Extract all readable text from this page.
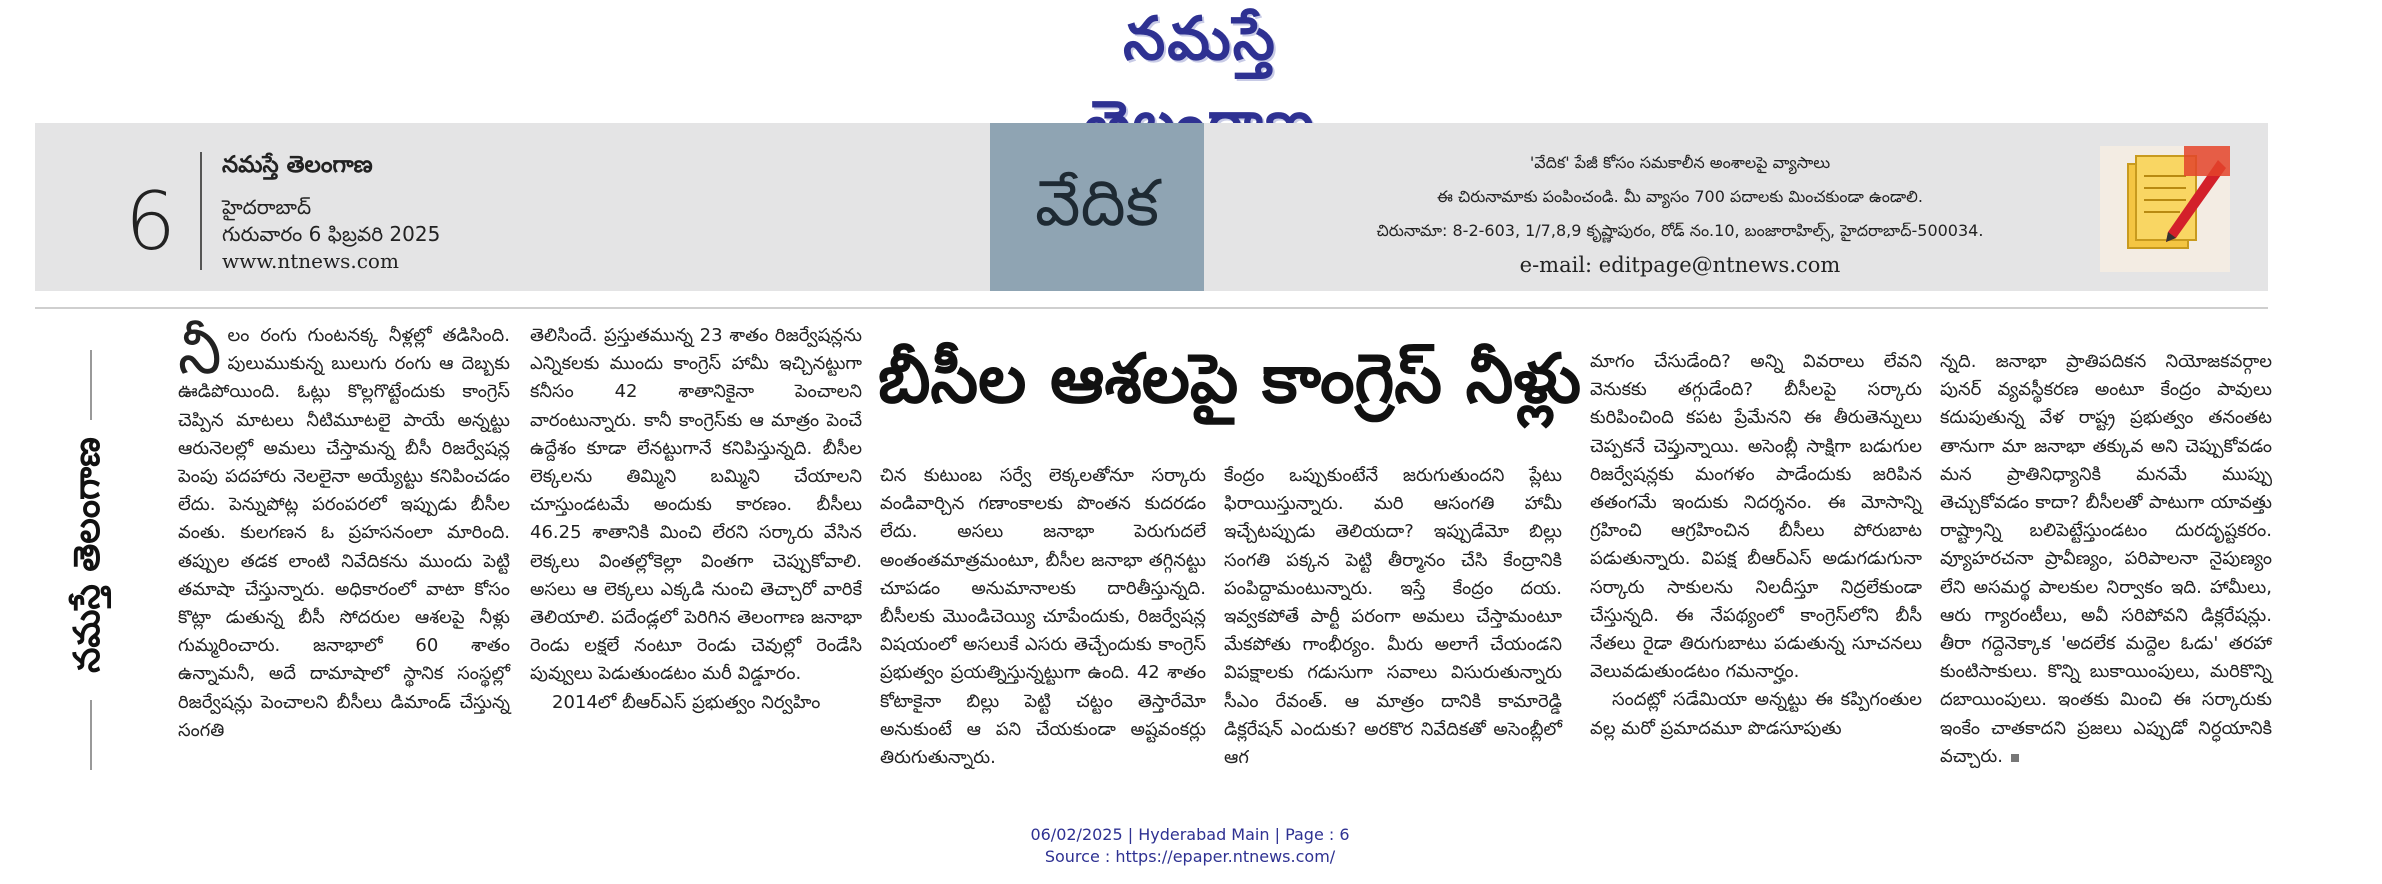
నమస్తే
6
నమస్తే తెలంగాణ
హైదరాబాద్
గురువారం 6 ఫిబ్రవరి 2025
www.ntnews.com
వేదిక
'వేదిక' పేజీ కోసం సమకాలీన అంశాలపై వ్యాసాలు
ఈ చిరునామాకు పంపించండి. మీ వ్యాసం 700 పదాలకు మించకుండా ఉండాలి.
చిరునామా: 8-2-603, 1/7,8,9 కృష్ణాపురం, రోడ్ నం.10, బంజారాహిల్స్, హైదరాబాద్-500034.
e-mail: editpage@ntnews.com
నమస్తే తెలంగాణ

నీలం రంగు గుంటనక్క నీళ్లల్లో తడిసింది. పులుముకున్న బులుగు రంగు ఆ దెబ్బకు ఊడిపోయింది. ఓట్లు కొల్లగొట్టేందుకు కాంగ్రెస్ చెప్పిన మాటలు నీటిమూటలై పాయే అన్నట్టు ఆరునెలల్లో అమలు చేస్తామన్న బీసీ రిజర్వేషన్ల పెంపు పదహారు నెలలైనా అయ్యేట్టు కనిపించడం లేదు. పెన్నుపోట్ల పరంపరలో ఇప్పుడు బీసీల వంతు. కులగణన ఓ ప్రహసనంలా మారింది. తప్పుల తడక లాంటి నివేదికను ముందు పెట్టి తమాషా చేస్తున్నారు. అధికారంలో వాటా కోసం కొట్లా డుతున్న బీసీ సోదరుల ఆశలపై నీళ్లు గుమ్మరించారు. జనాభాలో 60 శాతం ఉన్నామనీ, అదే దామాషాలో స్థానిక సంస్థల్లో రిజర్వేషన్లు పెంచాలని బీసీలు డిమాండ్ చేస్తున్న సంగతి

తెలిసిందే. ప్రస్తుతమున్న 23 శాతం రిజర్వేషన్లను ఎన్నికలకు ముందు కాంగ్రెస్ హామీ ఇచ్చినట్టుగా కనీసం 42 శాతానికైనా పెంచాలని వారంటున్నారు. కానీ కాంగ్రెస్‌కు ఆ మాత్రం పెంచే ఉద్దేశం కూడా లేనట్టుగానే కనిపిస్తున్నది. బీసీల లెక్కలను తిమ్మిని బమ్మిని చేయాలని చూస్తుండటమే అందుకు కారణం. బీసీలు 46.25 శాతానికి మించి లేరని సర్కారు వేసిన లెక్కలు వింతల్లోకెల్లా వింతగా చెప్పుకోవాలి. అసలు ఆ లెక్కలు ఎక్కడి నుంచి తెచ్చారో వారికే తెలియాలి. పదేండ్లలో పెరిగిన తెలంగాణ జనాభా రెండు లక్షలే నంటూ రెండు చెవుల్లో రెండేసి పువ్వులు పెడుతుండటం మరీ విడ్డూరం.

2014లో బీఆర్ఎస్ ప్రభుత్వం నిర్వహిం

బీసీల ఆశలపై కాంగ్రెస్ నీళ్లు

చిన కుటుంబ సర్వే లెక్కలతోనూ సర్కారు వండివార్చిన గణాంకాలకు పొంతన కుదరడం లేదు. అసలు జనాభా పెరుగుదలే అంతంతమాత్రమంటూ, బీసీల జనాభా తగ్గినట్టు చూపడం అనుమానాలకు దారితీస్తున్నది. బీసీలకు మొండిచెయ్యి చూపేందుకు, రిజర్వేషన్ల విషయంలో అసలుకే ఎసరు తెచ్చేందుకు కాంగ్రెస్ ప్రభుత్వం ప్రయత్నిస్తున్నట్టుగా ఉంది. 42 శాతం కోటాకైనా బిల్లు పెట్టి చట్టం తెస్తారేమో అనుకుంటే ఆ పని చేయకుండా అష్టవంకర్లు తిరుగుతున్నారు.

కేంద్రం ఒప్పుకుంటేనే జరుగుతుందని ప్లేటు ఫిరాయిస్తున్నారు. మరి ఆసంగతి హామీ ఇచ్చేటప్పుడు తెలియదా? ఇప్పుడేమో బిల్లు సంగతి పక్కన పెట్టి తీర్మానం చేసి కేంద్రానికి పంపిద్దామంటున్నారు. ఇస్తే కేంద్రం దయ. ఇవ్వకపోతే పార్టీ పరంగా అమలు చేస్తామంటూ మేకపోతు గాంభీర్యం. మీరు అలాగే చేయండని విపక్షాలకు గడుసుగా సవాలు విసురుతున్నారు సీఎం రేవంత్. ఆ మాత్రం దానికి కామారెడ్డి డిక్లరేషన్ ఎందుకు? అరకొర నివేదికతో అసెంబ్లీలో ఆగ

మాగం చేసుడేంది? అన్ని వివరాలు లేవని వెనుకకు తగ్గుడేంది? బీసీలపై సర్కారు కురిపించింది కపట ప్రేమేనని ఈ తీరుతెన్నులు చెప్పకనే చెప్తున్నాయి. అసెంబ్లీ సాక్షిగా బడుగుల రిజర్వేషన్లకు మంగళం పాడేందుకు జరిపిన తతంగమే ఇందుకు నిదర్శనం. ఈ మోసాన్ని గ్రహించి ఆగ్రహించిన బీసీలు పోరుబాట పడుతున్నారు. విపక్ష బీఆర్ఎస్ అడుగడుగునా సర్కారు సాకులను నిలదీస్తూ నిద్రలేకుండా చేస్తున్నది. ఈ నేపథ్యంలో కాంగ్రెస్‌లోని బీసీ నేతలు రైడా తిరుగుబాటు పడుతున్న సూచనలు వెలువడుతుండటం గమనార్హం.

సందట్లో సడేమియా అన్నట్టు ఈ కప్పిగంతుల వల్ల మరో ప్రమాదమూ పొడసూపుతు

న్నది. జనాభా ప్రాతిపదికన నియోజకవర్గాల పునర్ వ్యవస్థీకరణ అంటూ కేంద్రం పావులు కదుపుతున్న వేళ రాష్ట్ర ప్రభుత్వం తనంతట తానుగా మా జనాభా తక్కువ అని చెప్పుకోవడం మన ప్రాతినిధ్యానికి మనమే ముప్పు తెచ్చుకోవడం కాదా? బీసీలతో పాటుగా యావత్తు రాష్ట్రాన్ని బలిపెట్టేస్తుండటం దురదృష్టకరం. వ్యూహరచనా ప్రావీణ్యం, పరిపాలనా నైపుణ్యం లేని అసమర్థ పాలకుల నిర్వాకం ఇది. హామీలు, ఆరు గ్యారంటీలు, అవీ సరిపోవని డిక్లరేషన్లు. తీరా గద్దెనెక్కాక 'అదలేక మద్దెల ఓడు' తరహా కుంటిసాకులు. కొన్ని బుకాయింపులు, మరికొన్ని దబాయింపులు. ఇంతకు మించి ఈ సర్కారుకు ఇంకేం చాతకాదని ప్రజలు ఎప్పుడో నిర్ధయానికి వచ్చారు.

06/02/2025 | Hyderabad Main | Page : 6
Source : https://epaper.ntnews.com/
